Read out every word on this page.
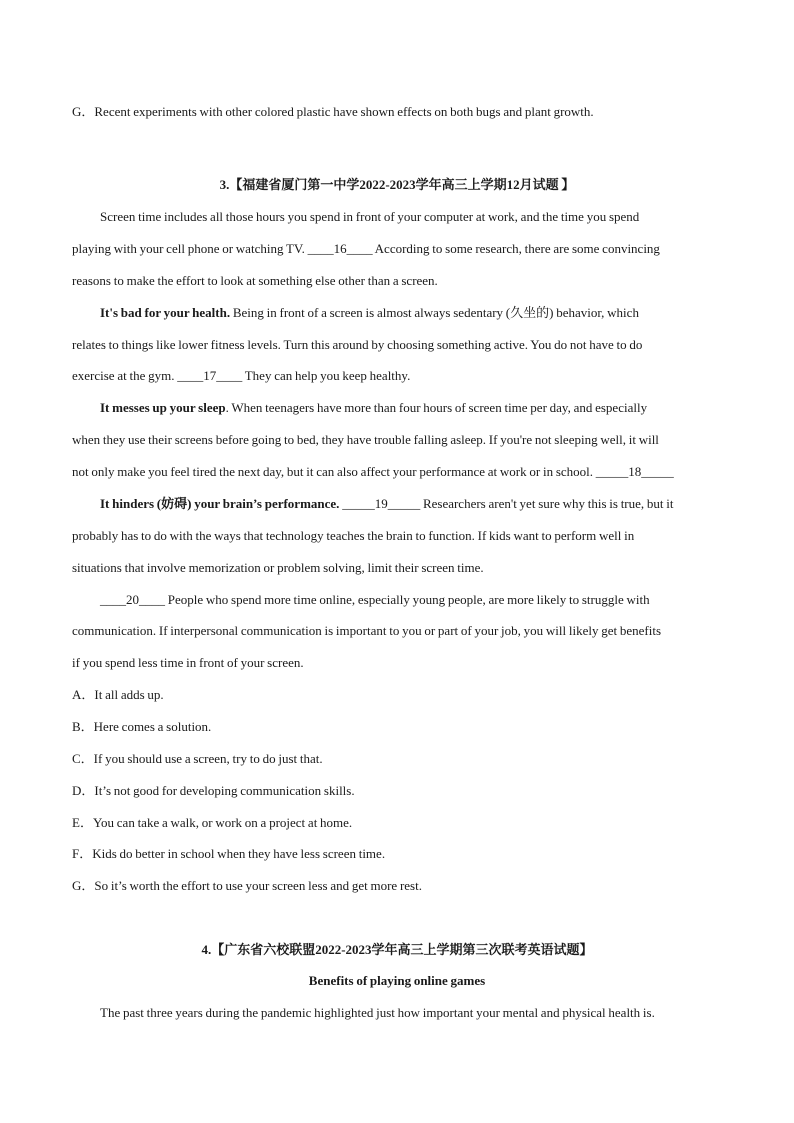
G．Recent experiments with other colored plastic have shown effects on both bugs and plant growth.
3.【福建省厦门第一中学2022-2023学年高三上学期12月试题 】
Screen time includes all those hours you spend in front of your computer at work, and the time you spend
playing with your cell phone or watching TV. ____16____ According to some research, there are some convincing
reasons to make the effort to look at something else other than a screen.
It's bad for your health. Being in front of a screen is almost always sedentary (久坐的) behavior, which
relates to things like lower fitness levels. Turn this around by choosing something active. You do not have to do
exercise at the gym. ____17____ They can help you keep healthy.
It messes up your sleep. When teenagers have more than four hours of screen time per day, and especially
when they use their screens before going to bed, they have trouble falling asleep. If you're not sleeping well, it will
not only make you feel tired the next day, but it can also affect your performance at work or in school. _____18_____
It hinders (妨碍) your brain’s performance. _____19_____ Researchers aren't yet sure why this is true, but it
probably has to do with the ways that technology teaches the brain to function. If kids want to perform well in
situations that involve memorization or problem solving, limit their screen time.
____20____ People who spend more time online, especially young people, are more likely to struggle with
communication. If interpersonal communication is important to you or part of your job, you will likely get benefits
if you spend less time in front of your screen.
A．It all adds up.
B．Here comes a solution.
C．If you should use a screen, try to do just that.
D．It’s not good for developing communication skills.
E．You can take a walk, or work on a project at home.
F．Kids do better in school when they have less screen time.
G．So it’s worth the effort to use your screen less and get more rest.
4.【广东省六校联盟2022-2023学年高三上学期第三次联考英语试题】
Benefits of playing online games
The past three years during the pandemic highlighted just how important your mental and physical health is.
